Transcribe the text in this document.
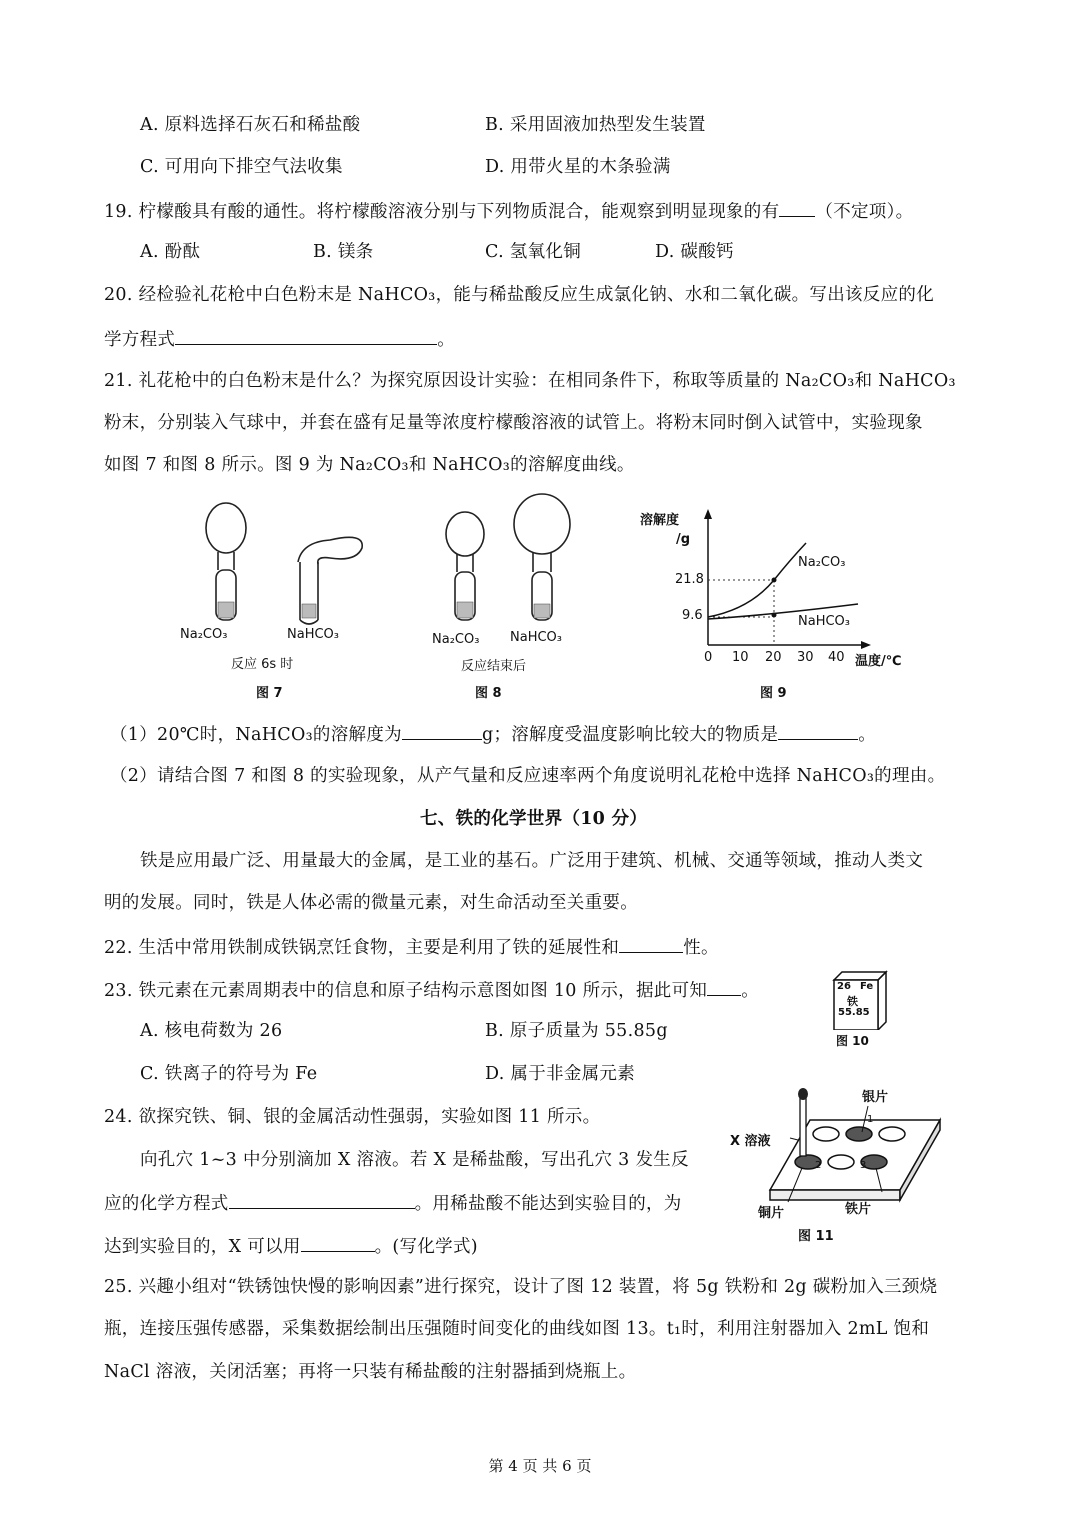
A. 原料选择石灰石和稀盐酸	B. 采用固液加热型发生装置
C. 可用向下排空气法收集	D. 用带火星的木条验满
19. 柠檬酸具有酸的通性。将柠檬酸溶液分别与下列物质混合，能观察到明显现象的有 （不定项）。
A. 酚酞	B. 镁条	C. 氢氧化铜	D. 碳酸钙
20. 经检验礼花枪中白色粉末是 NaHCO₃，能与稀盐酸反应生成氯化钠、水和二氧化碳。写出该反应的化
学方程式	。
21. 礼花枪中的白色粉末是什么？为探究原因设计实验：在相同条件下，称取等质量的 Na₂CO₃和 NaHCO₃
粉末，分别装入气球中，并套在盛有足量等浓度柠檬酸溶液的试管上。将粉末同时倒入试管中，实验现象
如图 7 和图 8 所示。图 9 为 Na₂CO₃和 NaHCO₃的溶解度曲线。
Na₂CO₃	NaHCO₃
反应 6s 时
图 7
Na₂CO₃ NaHCO₃
反应结束后
图 8
溶解度
/g
21.8
9.6
Na₂CO₃
NaHCO₃
0 10 20 30 40 温度/℃
图 9
（1）20℃时，NaHCO₃的溶解度为	g；溶解度受温度影响比较大的物质是	。
（2）请结合图 7 和图 8 的实验现象，从产气量和反应速率两个角度说明礼花枪中选择 NaHCO₃的理由。
七、铁的化学世界（10 分）
铁是应用最广泛、用量最大的金属，是工业的基石。广泛用于建筑、机械、交通等领域，推动人类文
明的发展。同时，铁是人体必需的微量元素，对生命活动至关重要。
22. 生活中常用铁制成铁锅烹饪食物，主要是利用了铁的延展性和	性。
23. 铁元素在元素周期表中的信息和原子结构示意图如图 10 所示，据此可知 。
A. 核电荷数为 26	B. 原子质量为 55.85g
C. 铁离子的符号为 Fe	D. 属于非金属元素
26 Fe
铁
55.85
图 10
24. 欲探究铁、铜、银的金属活动性强弱，实验如图 11 所示。
向孔穴 1~3 中分别滴加 X 溶液。若 X 是稀盐酸，写出孔穴 3 发生反
应的化学方程式	。用稀盐酸不能达到实验目的，为
达到实验目的，X 可以用	。(写化学式)
银片
X 溶液
1
2	3
铜片	铁片
图 11
25. 兴趣小组对“铁锈蚀快慢的影响因素”进行探究，设计了图 12 装置，将 5g 铁粉和 2g 碳粉加入三颈烧
瓶，连接压强传感器，采集数据绘制出压强随时间变化的曲线如图 13。t₁时，利用注射器加入 2mL 饱和
NaCl 溶液，关闭活塞；再将一只装有稀盐酸的注射器插到烧瓶上。
第 4 页 共 6 页
